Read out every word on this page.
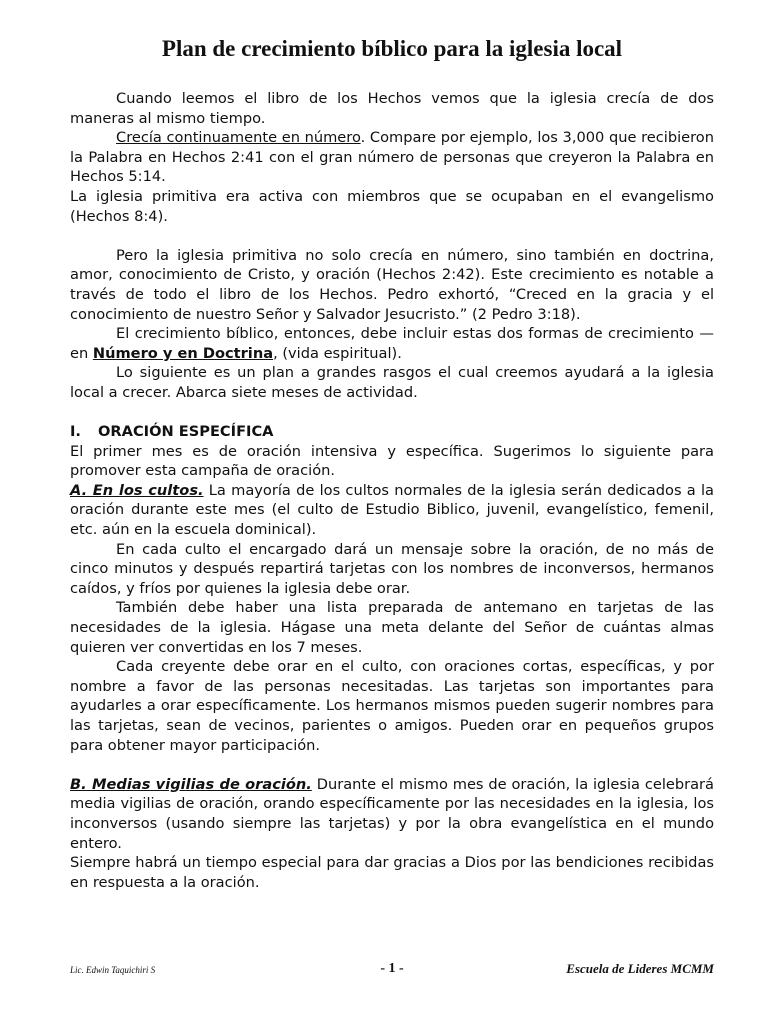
Plan de crecimiento bíblico para la iglesia local

Cuando leemos el libro de los Hechos vemos que la iglesia crecía de dos maneras al mismo tiempo.

Crecía continuamente en número. Compare por ejemplo, los 3,000 que recibieron la Palabra en Hechos 2:41 con el gran número de personas que creyeron la Palabra en Hechos 5:14.

La iglesia primitiva era activa con miembros que se ocupaban en el evangelismo (Hechos 8:4).

Pero la iglesia primitiva no solo crecía en número, sino también en doctrina, amor, conocimiento de Cristo, y oración (Hechos 2:42). Este crecimiento es notable a través de todo el libro de los Hechos. Pedro exhortó, “Creced en la gracia y el conocimiento de nuestro Señor y Salvador Jesucristo.” (2 Pedro 3:18).

El crecimiento bíblico, entonces, debe incluir estas dos formas de crecimiento — en Número y en Doctrina, (vida espiritual).

Lo siguiente es un plan a grandes rasgos el cual creemos ayudará a la iglesia local a crecer. Abarca siete meses de actividad.

I. ORACIÓN ESPECÍFICA

El primer mes es de oración intensiva y específica. Sugerimos lo siguiente para promover esta campaña de oración.

A. En los cultos. La mayoría de los cultos normales de la iglesia serán dedicados a la oración durante este mes (el culto de Estudio Biblico, juvenil, evangelístico, femenil, etc. aún en la escuela dominical).

En cada culto el encargado dará un mensaje sobre la oración, de no más de cinco minutos y después repartirá tarjetas con los nombres de inconversos, hermanos caídos, y fríos por quienes la iglesia debe orar.

También debe haber una lista preparada de antemano en tarjetas de las necesidades de la iglesia. Hágase una meta delante del Señor de cuántas almas quieren ver convertidas en los 7 meses.

Cada creyente debe orar en el culto, con oraciones cortas, específicas, y por nombre a favor de las personas necesitadas. Las tarjetas son importantes para ayudarles a orar específicamente. Los hermanos mismos pueden sugerir nombres para las tarjetas, sean de vecinos, parientes o amigos. Pueden orar en pequeños grupos para obtener mayor participación.

B. Medias vigilias de oración. Durante el mismo mes de oración, la iglesia celebrará media vigilias de oración, orando específicamente por las necesidades en la iglesia, los inconversos (usando siempre las tarjetas) y por la obra evangelística en el mundo entero.

Siempre habrá un tiempo especial para dar gracias a Dios por las bendiciones recibidas en respuesta a la oración.

Lic. Edwin Taquichiri S	- 1 -	Escuela de Lideres MCMM
